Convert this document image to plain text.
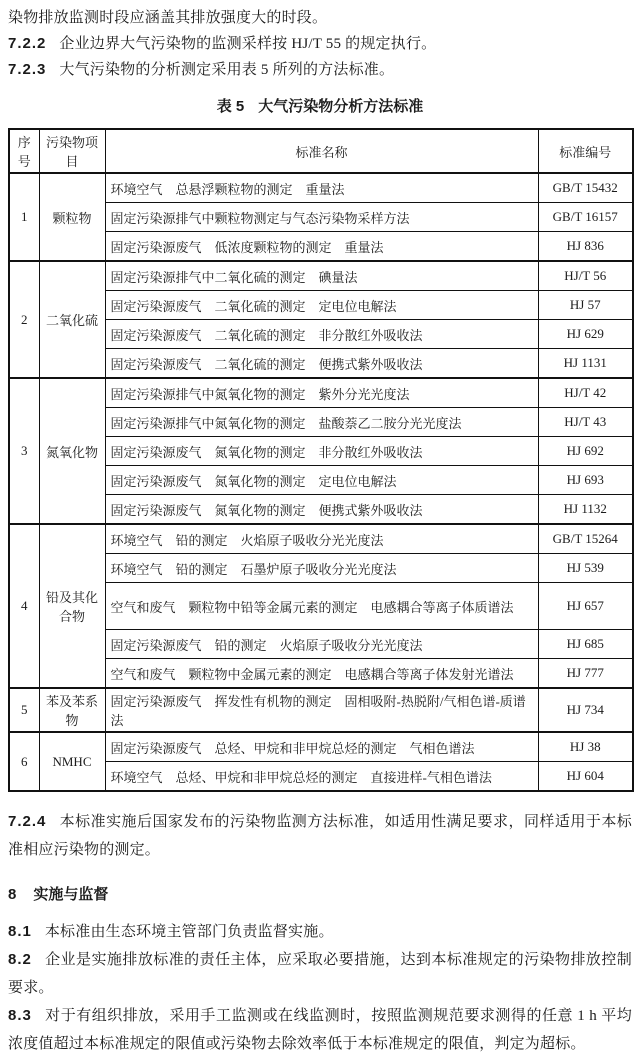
染物排放监测时段应涵盖其排放强度大的时段。

7.2.2 企业边界大气污染物的监测采样按 HJ/T 55 的规定执行。

7.2.3 大气污染物的分析测定采用表 5 所列的方法标准。

表 5 大气污染物分析方法标准
序号	污染物项目	标准名称	标准编号
1	颗粒物	环境空气　总悬浮颗粒物的测定　重量法	GB/T 15432
		固定污染源排气中颗粒物测定与气态污染物采样方法	GB/T 16157
		固定污染源废气　低浓度颗粒物的测定　重量法	HJ 836
2	二氧化硫	固定污染源排气中二氧化硫的测定　碘量法	HJ/T 56
		固定污染源废气　二氧化硫的测定　定电位电解法	HJ 57
		固定污染源废气　二氧化硫的测定　非分散红外吸收法	HJ 629
		固定污染源废气　二氧化硫的测定　便携式紫外吸收法	HJ 1131
3	氮氧化物	固定污染源排气中氮氧化物的测定　紫外分光光度法	HJ/T 42
		固定污染源排气中氮氧化物的测定　盐酸萘乙二胺分光光度法	HJ/T 43
		固定污染源废气　氮氧化物的测定　非分散红外吸收法	HJ 692
		固定污染源废气　氮氧化物的测定　定电位电解法	HJ 693
		固定污染源废气　氮氧化物的测定　便携式紫外吸收法	HJ 1132
4	铅及其化合物	环境空气　铅的测定　火焰原子吸收分光光度法	GB/T 15264
		环境空气　铅的测定　石墨炉原子吸收分光光度法	HJ 539
		空气和废气　颗粒物中铅等金属元素的测定　电感耦合等离子体质谱法	HJ 657
		固定污染源废气　铅的测定　火焰原子吸收分光光度法	HJ 685
		空气和废气　颗粒物中金属元素的测定　电感耦合等离子体发射光谱法	HJ 777
5	苯及苯系物	固定污染源废气　挥发性有机物的测定　固相吸附-热脱附/气相色谱-质谱法	HJ 734
6	NMHC	固定污染源废气　总烃、甲烷和非甲烷总烃的测定　气相色谱法	HJ 38
		环境空气　总烃、甲烷和非甲烷总烃的测定　直接进样-气相色谱法	HJ 604

7.2.4 本标准实施后国家发布的污染物监测方法标准，如适用性满足要求，同样适用于本标准相应污染物的测定。

8 实施与监督

8.1 本标准由生态环境主管部门负责监督实施。

8.2 企业是实施排放标准的责任主体，应采取必要措施，达到本标准规定的污染物排放控制要求。

8.3 对于有组织排放，采用手工监测或在线监测时，按照监测规范要求测得的任意 1 h 平均浓度值超过本标准规定的限值或污染物去除效率低于本标准规定的限值，判定为超标。
